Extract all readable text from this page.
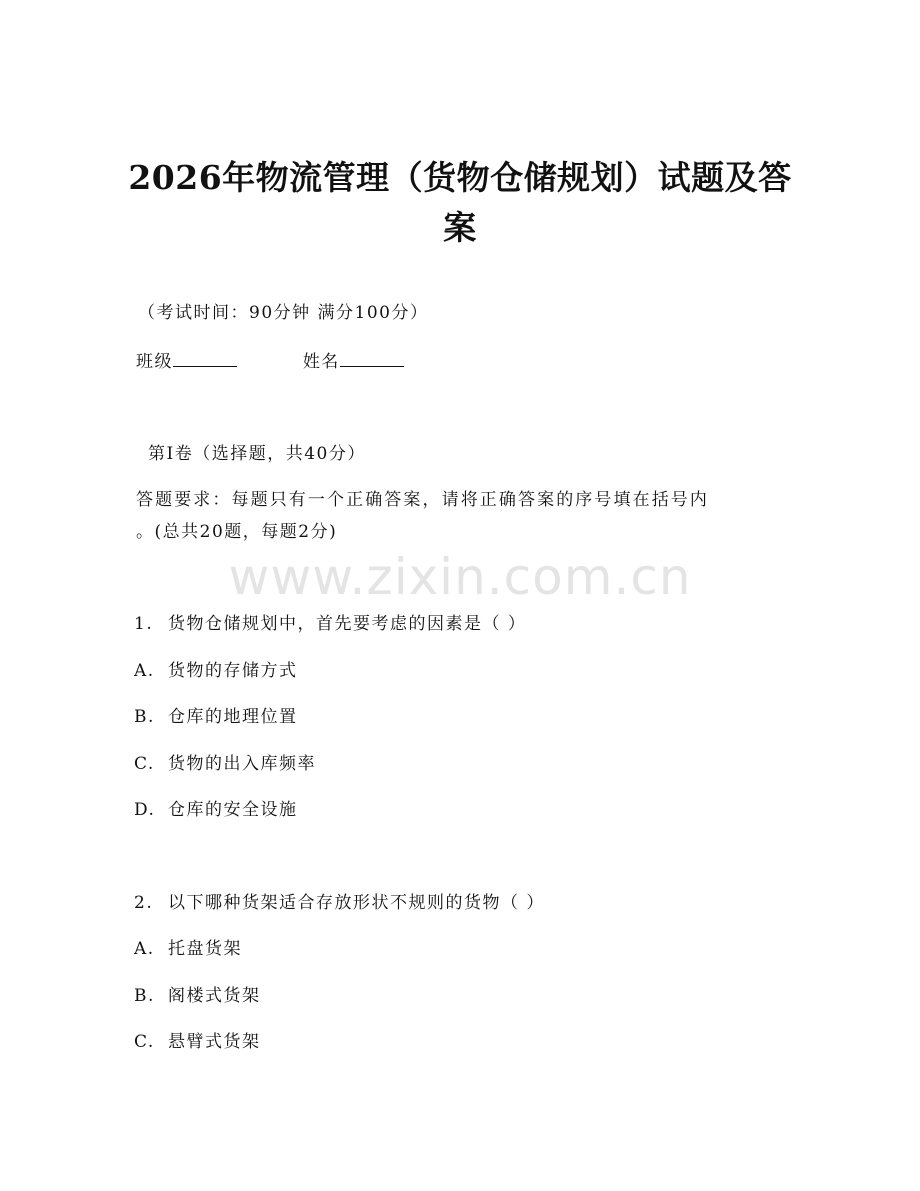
2026年物流管理（货物仓储规划）试题及答
案
（考试时间：90分钟 满分100分）
班级	姓名
第I卷（选择题，共40分）
答题要求：每题只有一个正确答案，请将正确答案的序号填在括号内
。(总共20题，每题2分)
www.zixin.com.cn
1. 货物仓储规划中，首先要考虑的因素是（ ）
A. 货物的存储方式
B. 仓库的地理位置
C. 货物的出入库频率
D. 仓库的安全设施
2. 以下哪种货架适合存放形状不规则的货物（ ）
A. 托盘货架
B. 阁楼式货架
C. 悬臂式货架
